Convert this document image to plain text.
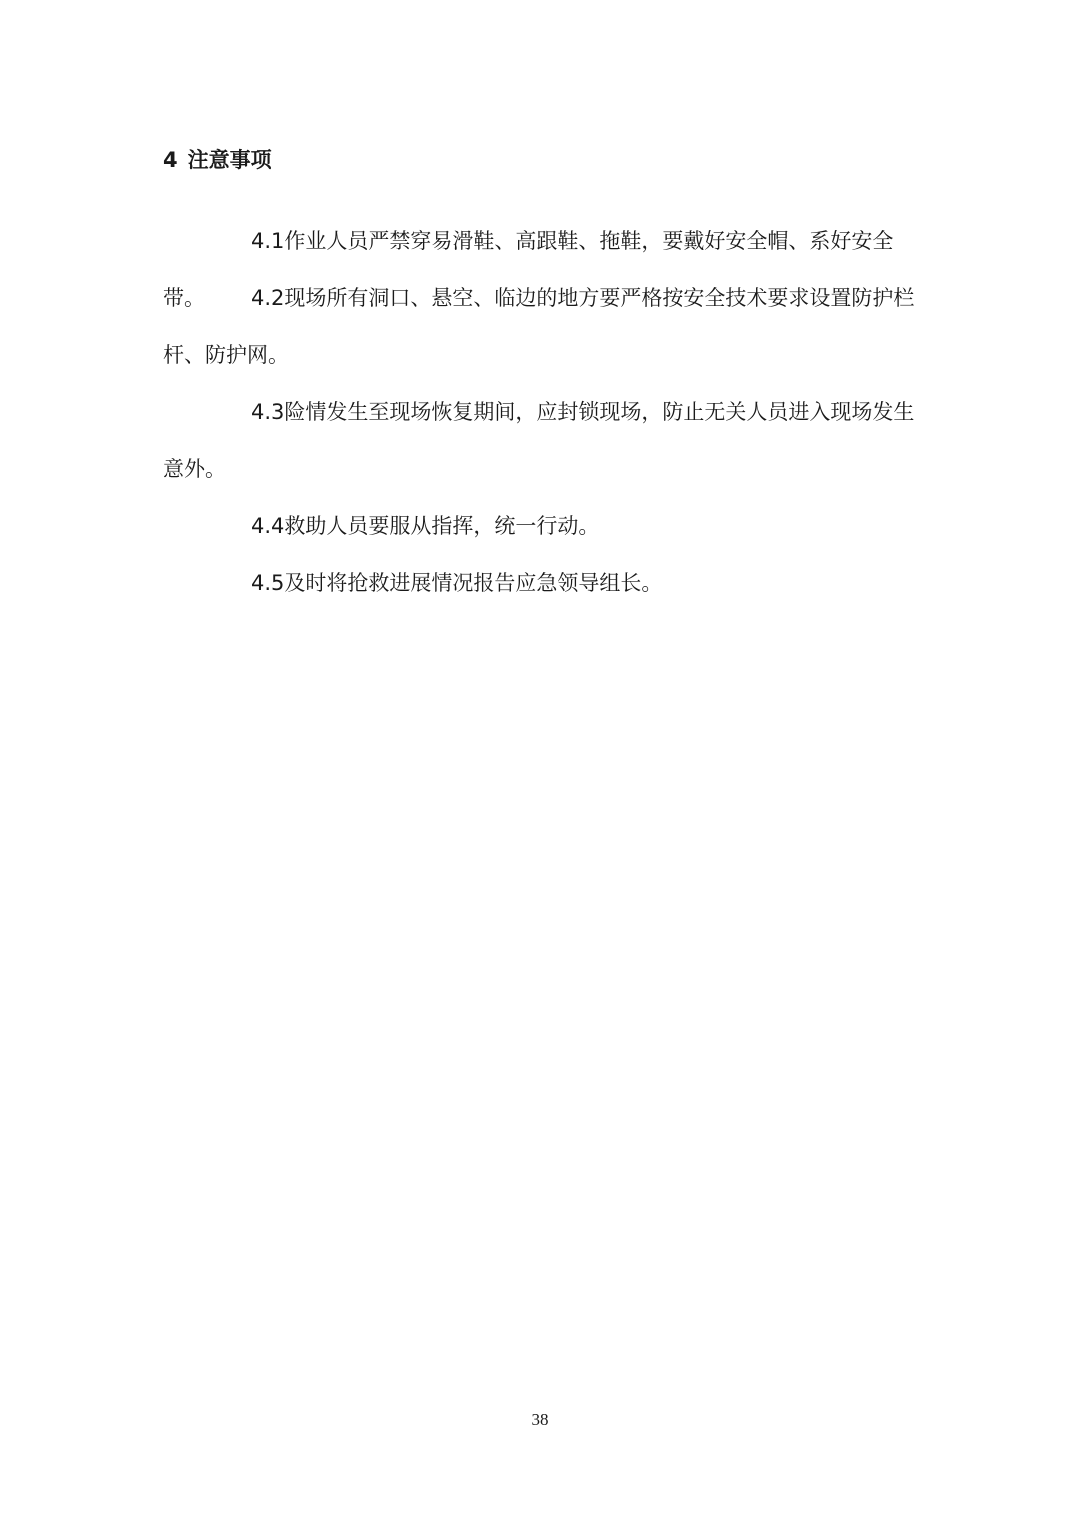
4 注意事项

4.1作业人员严禁穿易滑鞋、高跟鞋、拖鞋，要戴好安全帽、系好安全带。	4.2现场所有洞口、悬空、临边的地方要严格按安全技术要求设置防护栏杆、防护网。

4.3险情发生至现场恢复期间，应封锁现场，防止无关人员进入现场发生意外。

4.4救助人员要服从指挥，统一行动。

4.5及时将抢救进展情况报告应急领导组长。

38
